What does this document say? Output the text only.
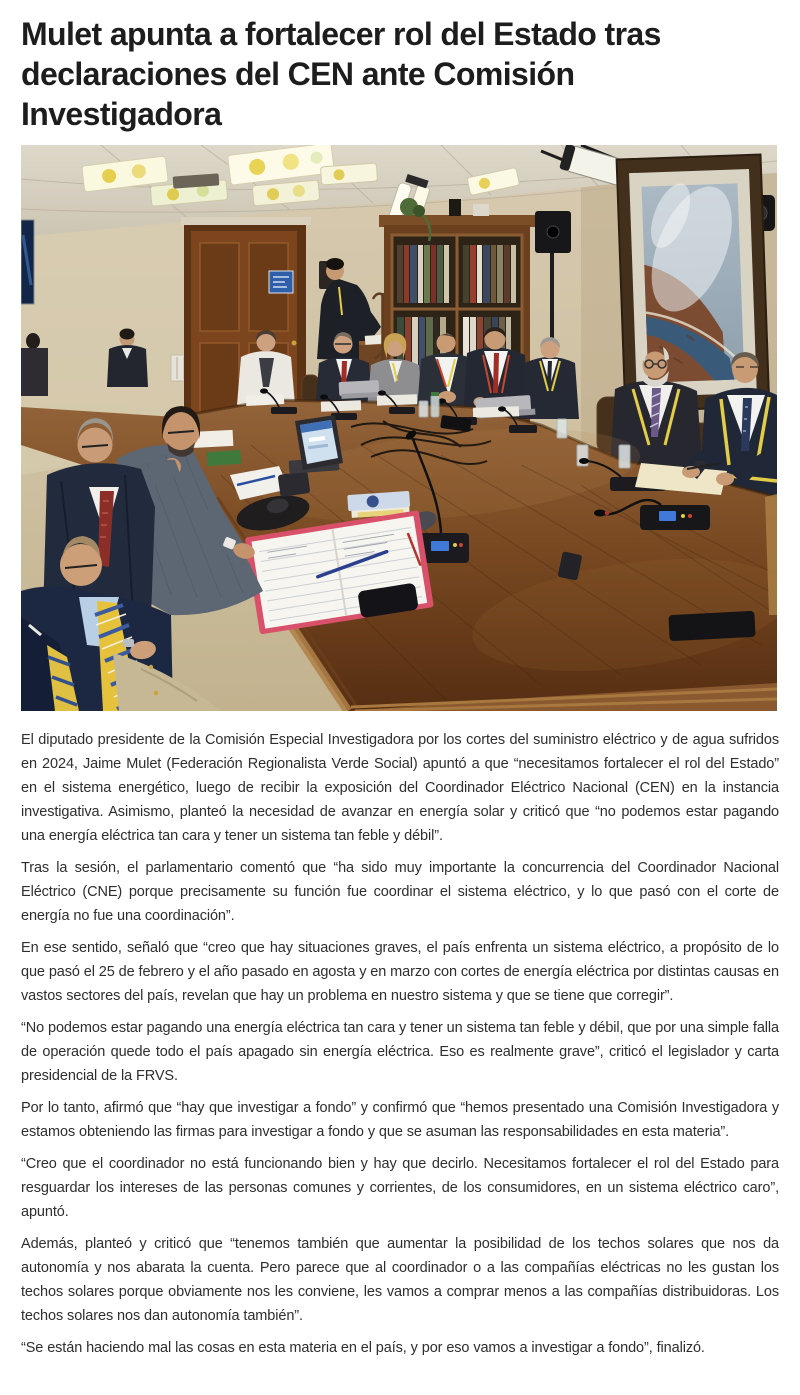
Mulet apunta a fortalecer rol del Estado tras
declaraciones del CEN ante Comisión
Investigadora

El diputado presidente de la Comisión Especial Investigadora por los cortes del suministro eléctrico y de agua sufridos en 2024, Jaime Mulet (Federación Regionalista Verde Social) apuntó a que “necesitamos fortalecer el rol del Estado” en el sistema energético, luego de recibir la exposición del Coordinador Eléctrico Nacional (CEN) en la instancia investigativa. Asimismo, planteó la necesidad de avanzar en energía solar y criticó que “no podemos estar pagando una energía eléctrica tan cara y tener un sistema tan feble y débil”.

Tras la sesión, el parlamentario comentó que “ha sido muy importante la concurrencia del Coordinador Nacional Eléctrico (CNE) porque precisamente su función fue coordinar el sistema eléctrico, y lo que pasó con el corte de energía no fue una coordinación”.

En ese sentido, señaló que “creo que hay situaciones graves, el país enfrenta un sistema eléctrico, a propósito de lo que pasó el 25 de febrero y el año pasado en agosta y en marzo con cortes de energía eléctrica por distintas causas en vastos sectores del país, revelan que hay un problema en nuestro sistema y que se tiene que corregir”.

“No podemos estar pagando una energía eléctrica tan cara y tener un sistema tan feble y débil, que por una simple falla de operación quede todo el país apagado sin energía eléctrica. Eso es realmente grave”, criticó el legislador y carta presidencial de la FRVS.

Por lo tanto, afirmó que “hay que investigar a fondo” y confirmó que “hemos presentado una Comisión Investigadora y estamos obteniendo las firmas para investigar a fondo y que se asuman las responsabilidades en esta materia”.

“Creo que el coordinador no está funcionando bien y hay que decirlo. Necesitamos fortalecer el rol del Estado para resguardar los intereses de las personas comunes y corrientes, de los consumidores, en un sistema eléctrico caro”, apuntó.

Además, planteó y criticó que “tenemos también que aumentar la posibilidad de los techos solares que nos da autonomía y nos abarata la cuenta. Pero parece que al coordinador o a las compañías eléctricas no les gustan los techos solares porque obviamente nos les conviene, les vamos a comprar menos a las compañías distribuidoras. Los techos solares nos dan autonomía también”.

“Se están haciendo mal las cosas en esta materia en el país, y por eso vamos a investigar a fondo”, finalizó.
